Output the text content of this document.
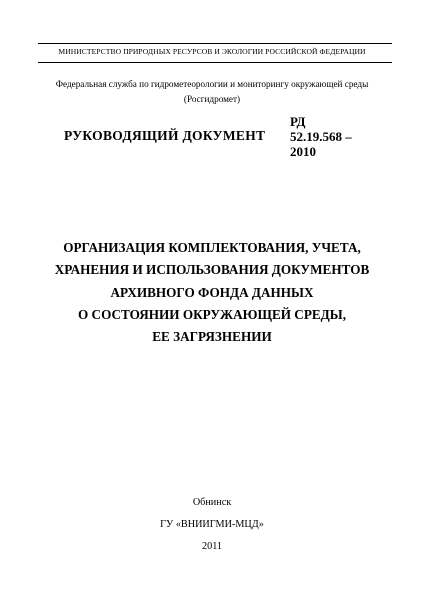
МИНИСТЕРСТВО ПРИРОДНЫХ РЕСУРСОВ И ЭКОЛОГИИ РОССИЙСКОЙ ФЕДЕРАЦИИ
Федеральная служба по гидрометеорологии и мониторингу окружающей среды
(Росгидромет)
РУКОВОДЯЩИЙ ДОКУМЕНТ
РД
52.19.568 –
2010
ОРГАНИЗАЦИЯ КОМПЛЕКТОВАНИЯ, УЧЕТА,
ХРАНЕНИЯ И ИСПОЛЬЗОВАНИЯ ДОКУМЕНТОВ
АРХИВНОГО ФОНДА ДАННЫХ
О СОСТОЯНИИ ОКРУЖАЮЩЕЙ СРЕДЫ,
ЕЕ ЗАГРЯЗНЕНИИ
Обнинск
ГУ «ВНИИГМИ-МЦД»
2011
